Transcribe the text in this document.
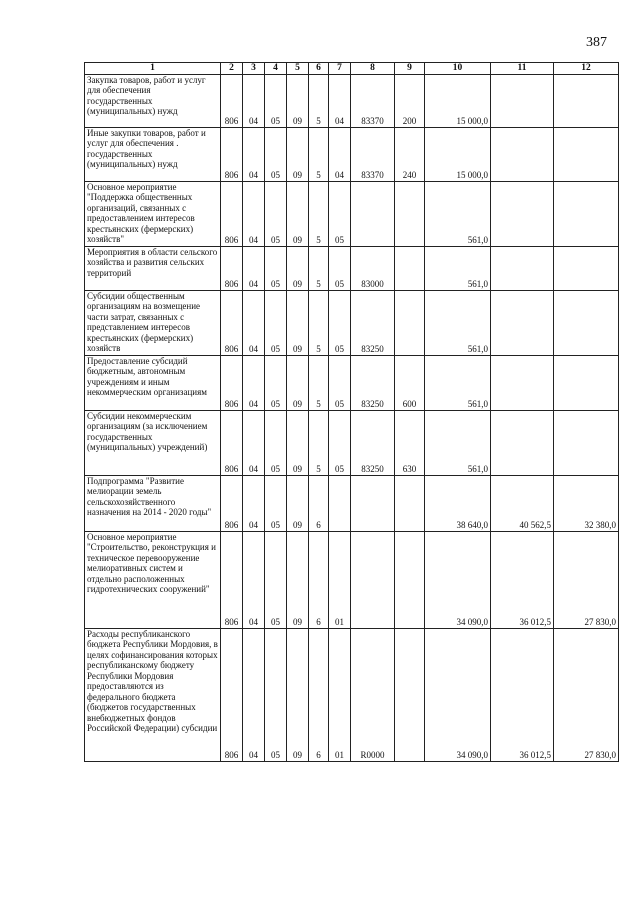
387
1	2	3	4	5	6	7	8	9	10	11	12
Закупка товаров, работ и услуг для обеспечения государственных (муниципальных) нужд	806	04	05	09	5	04	83370	200	15 000,0		
Иные закупки товаров, работ и услуг для обеспечения . государственных (муниципальных) нужд	806	04	05	09	5	04	83370	240	15 000,0		
Основное мероприятие "Поддержка общественных организаций, связанных с предоставлением интересов крестьянских (фермерских) хозяйств"	806	04	05	09	5	05			561,0		
Мероприятия в области сельского хозяйства и развития сельских территорий	806	04	05	09	5	05	83000		561,0		
Субсидии общественным организациям на возмещение части затрат, связанных с представлением интересов крестьянских (фермерских) хозяйств	806	04	05	09	5	05	83250		561,0		
Предоставление субсидий бюджетным, автономным учреждениям и иным некоммерческим организациям	806	04	05	09	5	05	83250	600	561,0		
Субсидии некоммерческим организациям (за исключением государственных (муниципальных) учреждений)	806	04	05	09	5	05	83250	630	561,0		
Подпрограмма "Развитие мелиорации земель сельскохозяйственного назначения на 2014 - 2020 годы"	806	04	05	09	6				38 640,0	40 562,5	32 380,0
Основное мероприятие "Строительство, реконструкция и техническое перевооружение мелиоративных систем и отдельно расположенных гидротехнических сооружений"	806	04	05	09	6	01			34 090,0	36 012,5	27 830,0
Расходы республиканского бюджета Республики Мордовия, в целях софинансирования которых республиканскому бюджету Республики Мордовия предоставляются из федерального бюджета (бюджетов государственных внебюджетных фондов Российской Федерации) субсидии	806	04	05	09	6	01	R0000		34 090,0	36 012,5	27 830,0
